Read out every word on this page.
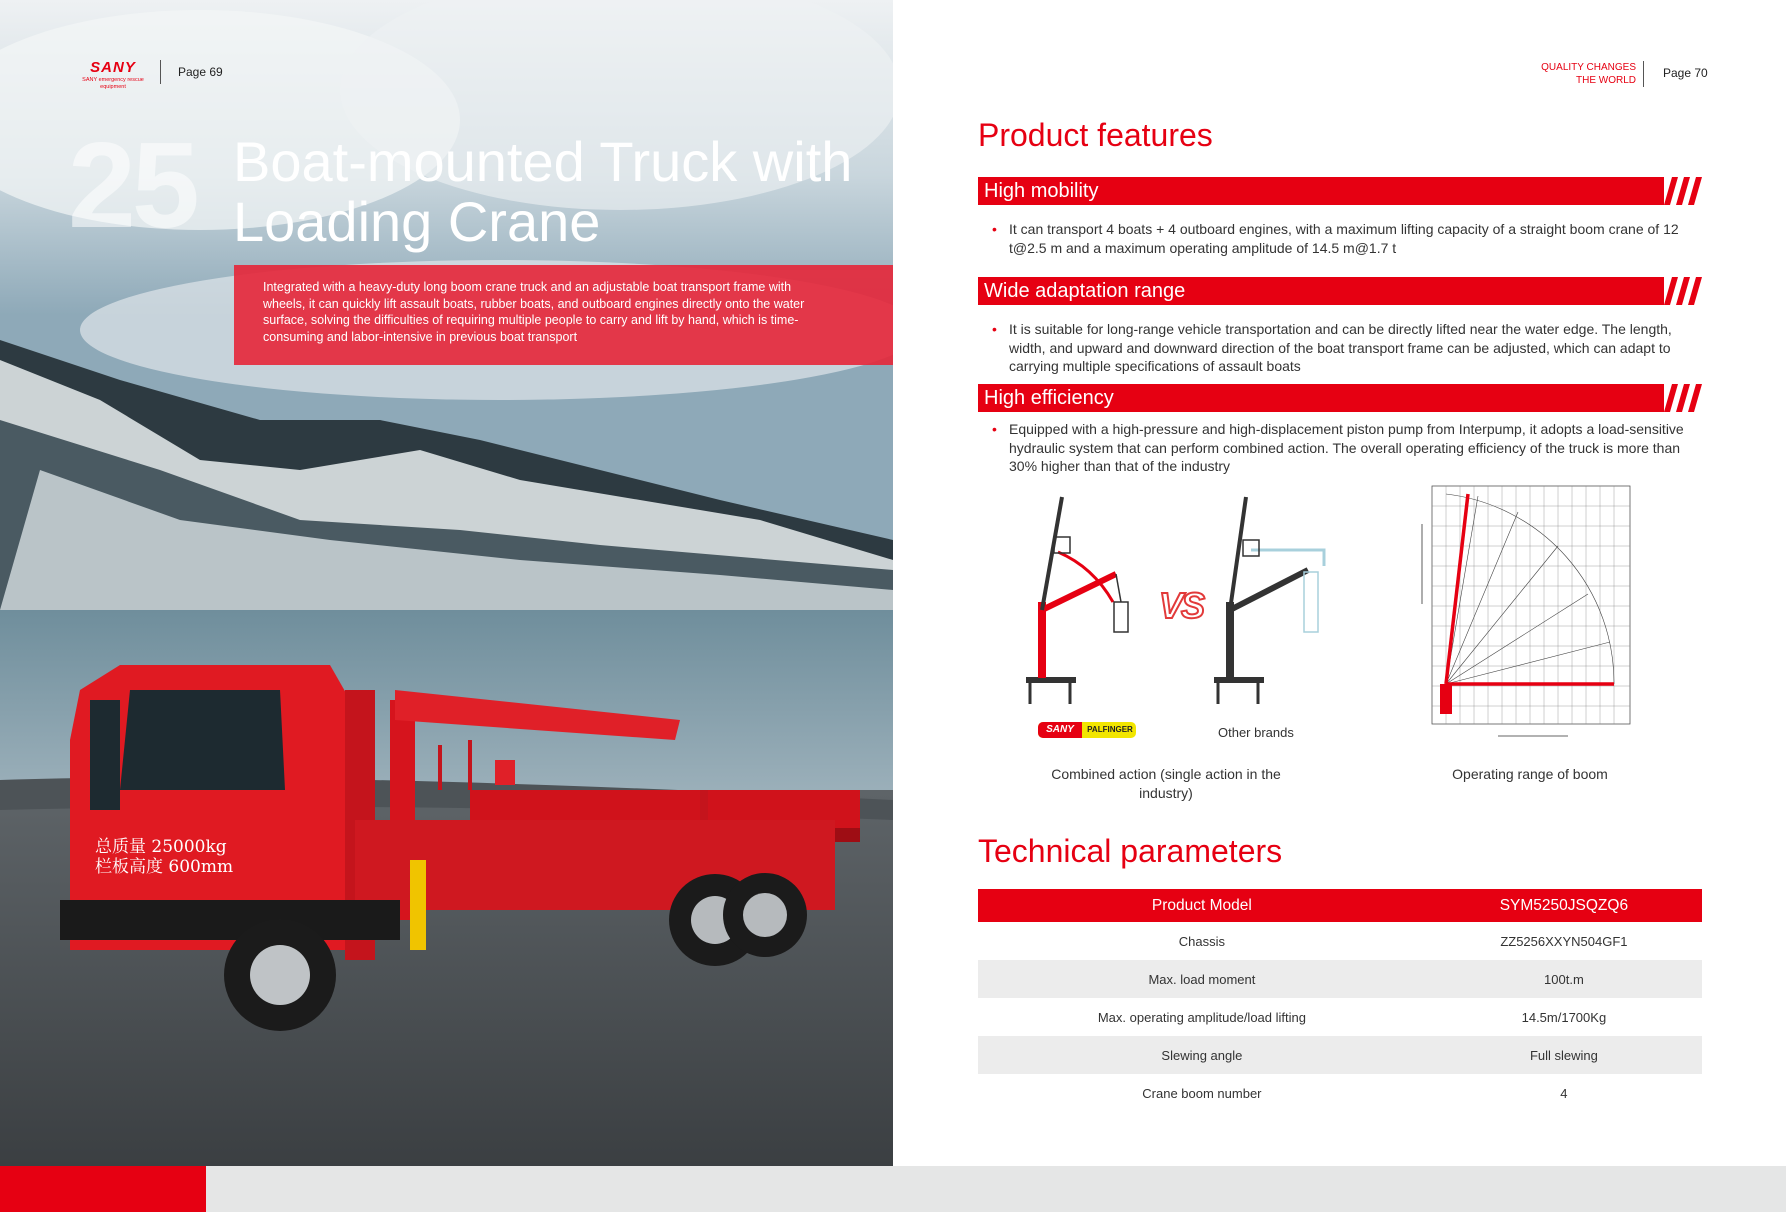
总质量 25000kg
栏板高度 600mm
SANY
SANY emergency rescue equipment
Page 69
25 Boat-mounted Truck with Loading Crane
Integrated with a heavy-duty long boom crane truck and an adjustable boat transport frame with wheels, it can quickly lift assault boats, rubber boats, and outboard engines directly onto the water surface, solving the difficulties of requiring multiple people to carry and lift by hand, which is time-consuming and labor-intensive in previous boat transport
QUALITY CHANGES
THE WORLD
Page 70
Product features
High mobility
• It can transport 4 boats + 4 outboard engines, with a maximum lifting capacity of a straight boom crane of 12 t@2.5 m and a maximum operating amplitude of 14.5 m@1.7 t
Wide adaptation range
• It is suitable for long-range vehicle transportation and can be directly lifted near the water edge. The length, width, and upward and downward direction of the boat transport frame can be adjusted, which can adapt to carrying multiple specifications of assault boats
High efficiency
• Equipped with a high-pressure and high-displacement piston pump from Interpump, it adopts a load-sensitive hydraulic system that can perform combined action. The overall operating efficiency of the truck is more than 30% higher than that of the industry
SANY	PALFINGER
VS
Other brands
Combined action (single action in the industry)
Operating range of boom
Technical parameters
Product Model	SYM5250JSQZQ6
Chassis	ZZ5256XXYN504GF1
Max. load moment	100t.m
Max. operating amplitude/load lifting	14.5m/1700Kg
Slewing angle	Full slewing
Crane boom number	4
